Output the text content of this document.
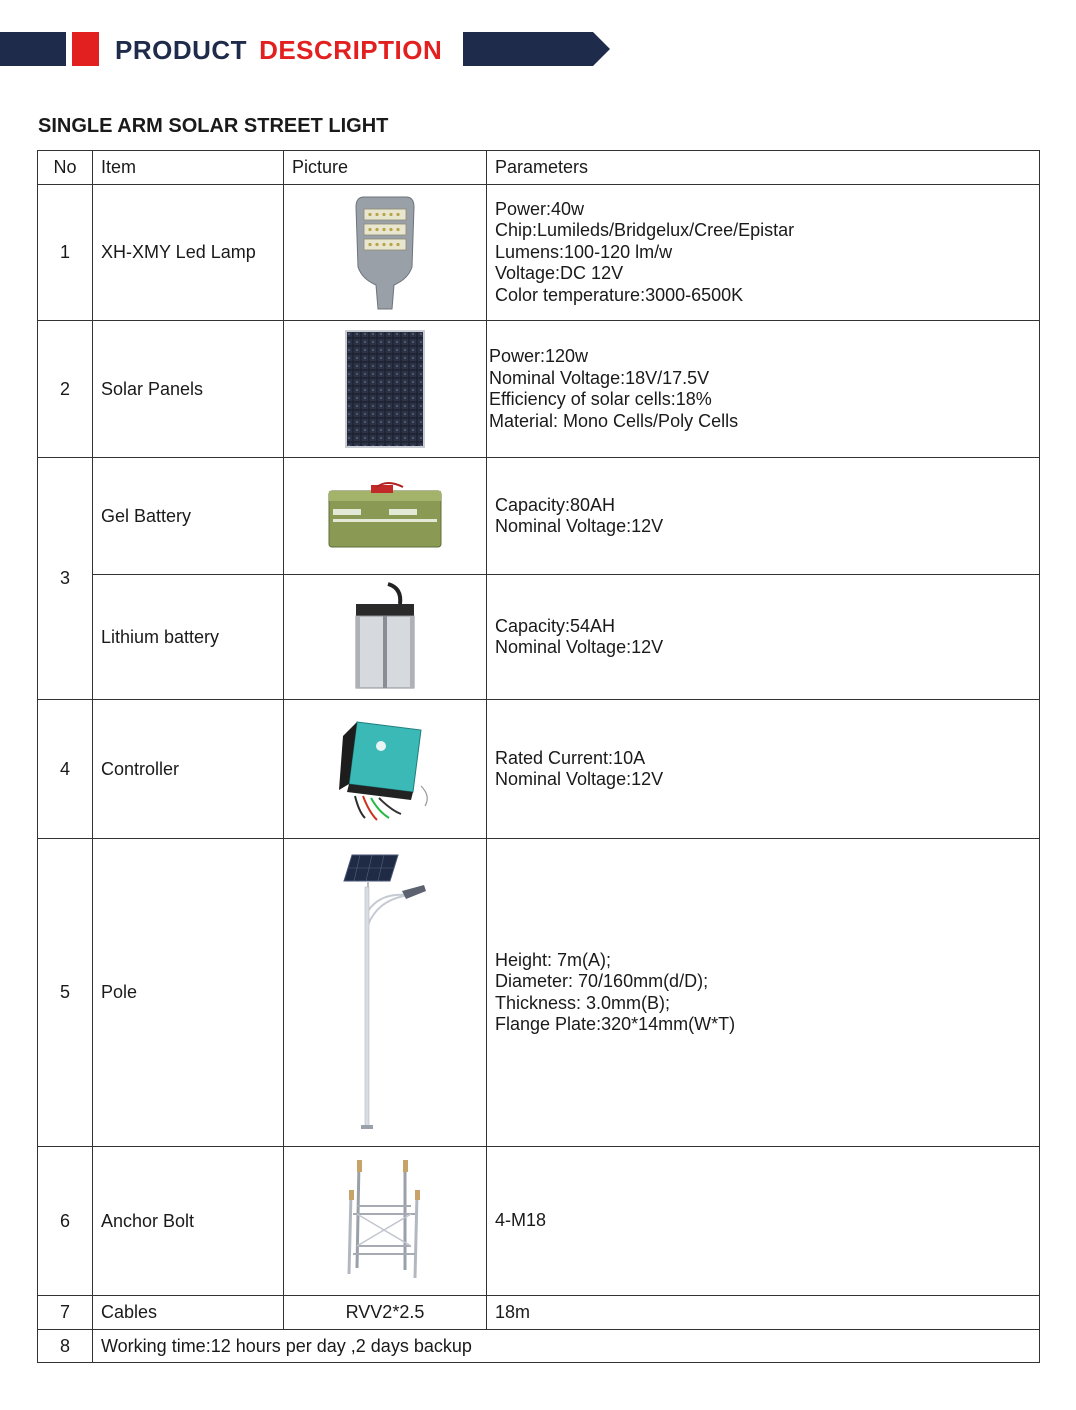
PRODUCT DESCRIPTION
SINGLE ARM SOLAR STREET LIGHT
No	Item	Picture	Parameters
1	XH-XMY Led Lamp		Power:40w
Chip:Lumileds/Bridgelux/Cree/Epistar
Lumens:100-120 lm/w
Voltage:DC 12V
Color temperature:3000-6500K

2	Solar Panels		Power:120w
Nominal Voltage:18V/17.5V
Efficiency of solar cells:18%
Material: Mono Cells/Poly Cells

3	Gel Battery		Capacity:80AH
Nominal Voltage:12V

	Lithium battery		Capacity:54AH
Nominal Voltage:12V

4	Controller		Rated Current:10A
Nominal Voltage:12V

5	Pole		Height: 7m(A);
Diameter: 70/160mm(d/D);
Thickness: 3.0mm(B);
Flange Plate:320*14mm(W*T)

6	Anchor Bolt		4-M18

7	Cables	RVV2*2.5	18m
8	Working time:12 hours per day ,2 days backup		
